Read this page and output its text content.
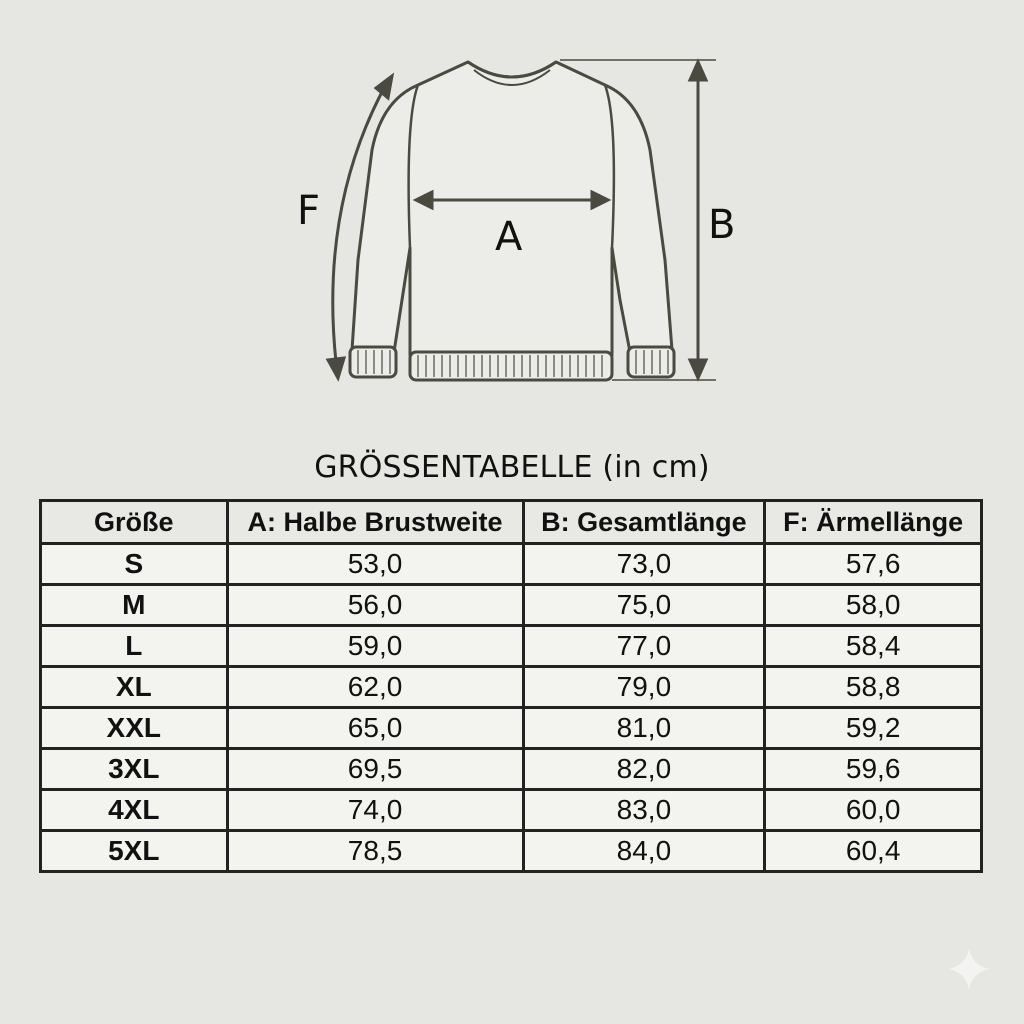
F
A	B
GRÖSSENTABELLE (in cm)
Größe	A: Halbe Brustweite	B: Gesamtlänge	F: Ärmellänge
S	53,0	73,0	57,6
M	56,0	75,0	58,0
L	59,0	77,0	58,4
XL	62,0	79,0	58,8
XXL	65,0	81,0	59,2
3XL	69,5	82,0	59,6
4XL	74,0	83,0	60,0
5XL	78,5	84,0	60,4
